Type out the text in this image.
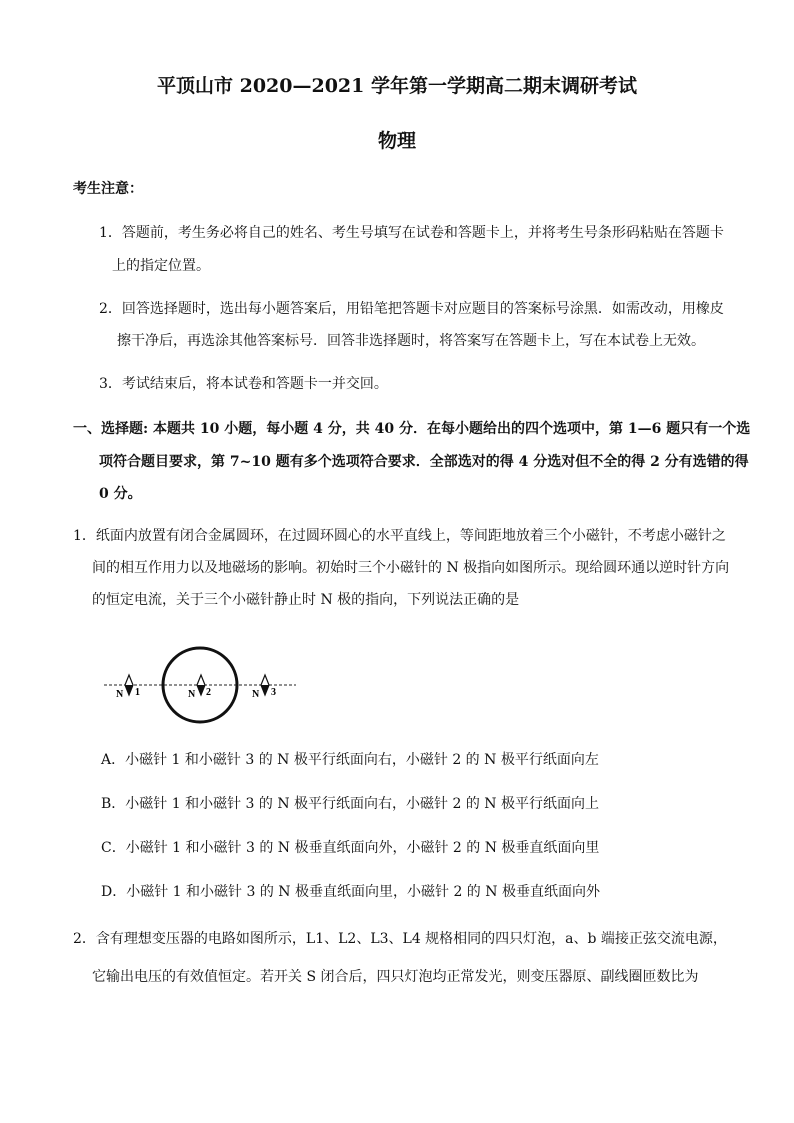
平顶山市 2020—2021 学年第一学期高二期末调研考试
物理
考生注意：
1．答题前，考生务必将自己的姓名、考生号填写在试卷和答题卡上，并将考生号条形码粘贴在答题卡
上的指定位置。
2．回答选择题时，选出每小题答案后，用铅笔把答题卡对应题目的答案标号涂黑．如需改动，用橡皮
擦干净后，再选涂其他答案标号．回答非选择题时，将答案写在答题卡上，写在本试卷上无效。
3．考试结束后，将本试卷和答题卡一并交回。
一、选择题: 本题共 10 小题，每小题 4 分，共 40 分．在每小题给出的四个选项中，第 1—6 题只有一个选
项符合题目要求，第 7~10 题有多个选项符合要求．全部选对的得 4 分选对但不全的得 2 分有选错的得
0 分。
1．纸面内放置有闭合金属圆环，在过圆环圆心的水平直线上，等间距地放着三个小磁针，不考虑小磁针之
间的相互作用力以及地磁场的影响。初始时三个小磁针的 N 极指向如图所示。现给圆环通以逆时针方向
的恒定电流，关于三个小磁针静止时 N 极的指向，下列说法正确的是
N 1	N 2	N 3
A．小磁针 1 和小磁针 3 的 N 极平行纸面向右，小磁针 2 的 N 极平行纸面向左
B．小磁针 1 和小磁针 3 的 N 极平行纸面向右，小磁针 2 的 N 极平行纸面向上
C．小磁针 1 和小磁针 3 的 N 极垂直纸面向外，小磁针 2 的 N 极垂直纸面向里
D．小磁针 1 和小磁针 3 的 N 极垂直纸面向里，小磁针 2 的 N 极垂直纸面向外
2．含有理想变压器的电路如图所示，L1、L2、L3、L4 规格相同的四只灯泡，a、b 端接正弦交流电源，
它输出电压的有效值恒定。若开关 S 闭合后，四只灯泡均正常发光，则变压器原、副线圈匝数比为
